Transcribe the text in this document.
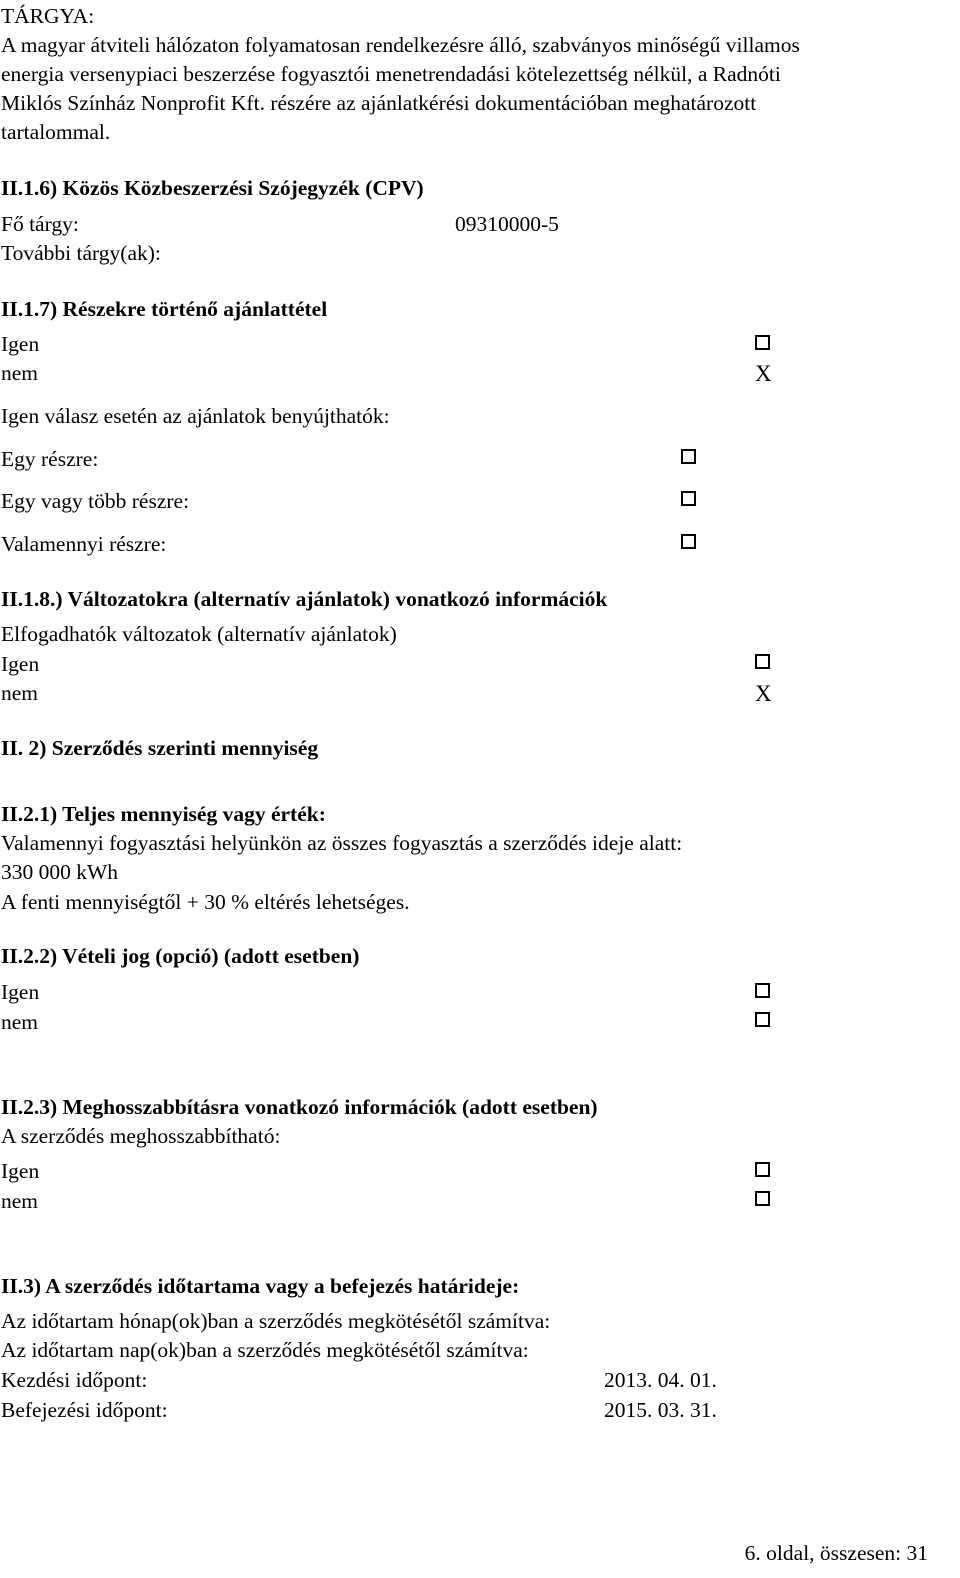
TÁRGYA:
A magyar átviteli hálózaton folyamatosan rendelkezésre álló, szabványos minőségű villamos
energia versenypiaci beszerzése fogyasztói menetrendadási kötelezettség nélkül, a Radnóti
Miklós Színház Nonprofit Kft. részére az ajánlatkérési dokumentációban meghatározott
tartalommal.
II.1.6) Közös Közbeszerzési Szójegyzék (CPV)
Fő tárgy:	09310000-5
További tárgy(ak):
II.1.7) Részekre történő ajánlattétel
Igen
nem	X
Igen válasz esetén az ajánlatok benyújthatók:
Egy részre:
Egy vagy több részre:
Valamennyi részre:
II.1.8.) Változatokra (alternatív ajánlatok) vonatkozó információk
Elfogadhatók változatok (alternatív ajánlatok)
Igen
nem	X
II. 2) Szerződés szerinti mennyiség
II.2.1) Teljes mennyiség vagy érték:
Valamennyi fogyasztási helyünkön az összes fogyasztás a szerződés ideje alatt:
330 000 kWh
A fenti mennyiségtől + 30 % eltérés lehetséges.
II.2.2) Vételi jog (opció) (adott esetben)
Igen
nem
II.2.3) Meghosszabbításra vonatkozó információk (adott esetben)
A szerződés meghosszabbítható:
Igen
nem
II.3) A szerződés időtartama vagy a befejezés határideje:
Az időtartam hónap(ok)ban a szerződés megkötésétől számítva:
Az időtartam nap(ok)ban a szerződés megkötésétől számítva:
Kezdési időpont:	2013. 04. 01.
Befejezési időpont:	2015. 03. 31.
6. oldal, összesen: 31
